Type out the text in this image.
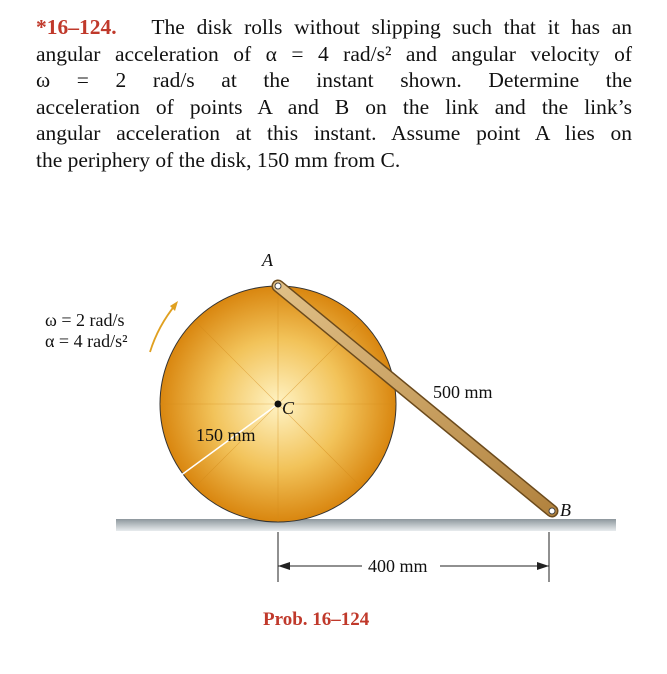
*16–124. The disk rolls without slipping such that it has an
angular acceleration of α = 4 rad/s² and angular velocity of
ω = 2 rad/s at the instant shown. Determine the
acceleration of points A and B on the link and the link’s
angular acceleration at this instant. Assume point A lies on
the periphery of the disk, 150 mm from C.
A
B
C
ω = 2 rad/s
α = 4 rad/s²
150 mm
500 mm
400 mm
Prob. 16–124
